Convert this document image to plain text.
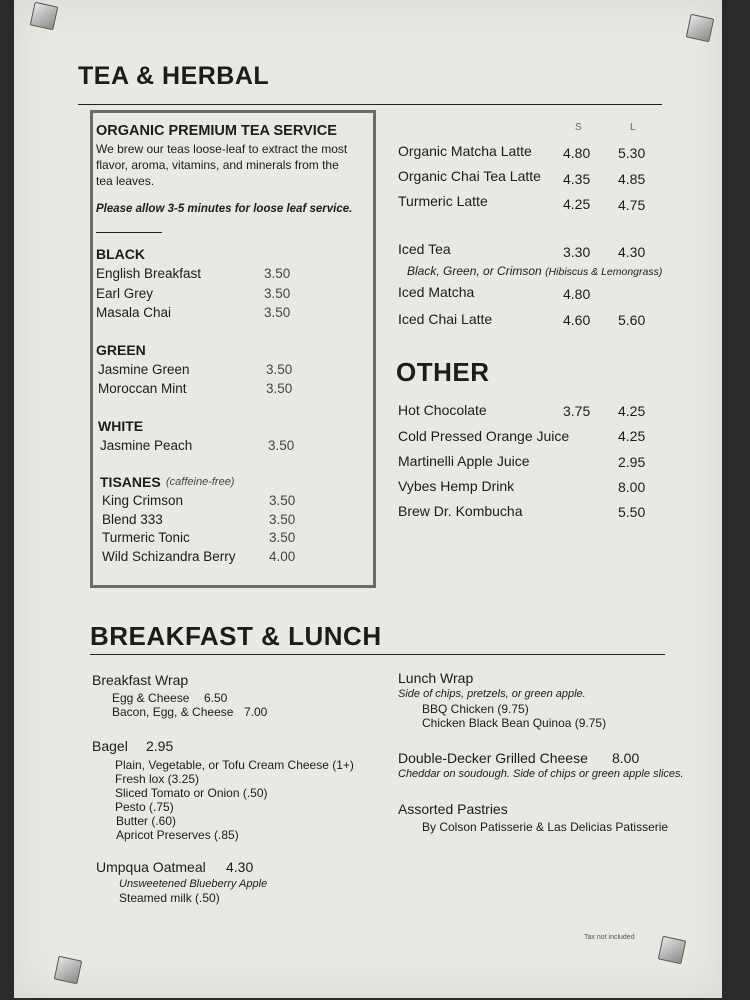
TEA & HERBAL
ORGANIC PREMIUM TEA SERVICE
We brew our teas loose-leaf to extract the most
flavor, aroma, vitamins, and minerals from the
tea leaves.
Please allow 3-5 minutes for loose leaf service.
BLACK
English Breakfast	3.50
Earl Grey	3.50
Masala Chai	3.50
GREEN
Jasmine Green	3.50
Moroccan Mint	3.50
WHITE
Jasmine Peach	3.50
TISANES (caffeine-free)
King Crimson	3.50
Blend 333	3.50
Turmeric Tonic	3.50
Wild Schizandra Berry 4.00
S	L
Organic Matcha Latte 4.80 5.30
Organic Chai Tea Latte 4.35 4.85
Turmeric Latte	4.25 4.75
Iced Tea	3.30 4.30
Black, Green, or Crimson (Hibiscus & Lemongrass)
Iced Matcha	4.80
Iced Chai Latte	4.60 5.60
OTHER
Hot Chocolate	3.75 4.25
Cold Pressed Orange Juice	4.25
Martinelli Apple Juice	2.95
Vybes Hemp Drink	8.00
Brew Dr. Kombucha	5.50
BREAKFAST & LUNCH
Breakfast Wrap
Egg & Cheese 6.50
Bacon, Egg, & Cheese 7.00
Bagel 2.95
Plain, Vegetable, or Tofu Cream Cheese (1+)
Fresh lox (3.25)
Sliced Tomato or Onion (.50)
Pesto (.75)
Butter (.60)
Apricot Preserves (.85)
Umpqua Oatmeal 4.30
Unsweetened Blueberry Apple
Steamed milk (.50)
Lunch Wrap
Side of chips, pretzels, or green apple.
BBQ Chicken (9.75)
Chicken Black Bean Quinoa (9.75)
Double-Decker Grilled Cheese 8.00
Cheddar on soudough. Side of chips or green apple slices.
Assorted Pastries
By Colson Patisserie & Las Delicias Patisserie
Tax not included
